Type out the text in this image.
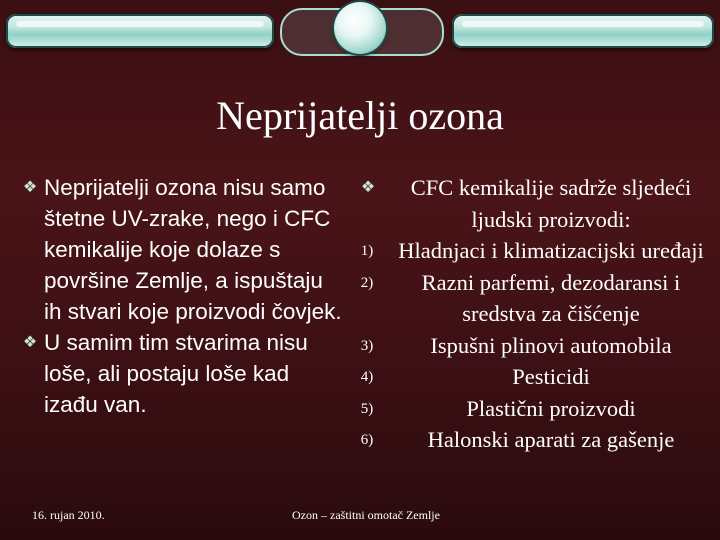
Neprijatelji ozona
❖ Neprijatelji ozona nisu samo štetne UV-zrake, nego i CFC kemikalije koje dolaze s površine Zemlje, a ispuštaju ih stvari koje proizvodi čovjek.
❖ U samim tim stvarima nisu loše, ali postaju loše kad izađu van.
❖	CFC kemikalije sadrže sljedeći ljudski proizvodi:
1)	Hladnjaci i klimatizacijski uređaji
2)	Razni parfemi, dezodaransi i sredstva za čišćenje
3)	Ispušni plinovi automobila
4)	Pesticidi
5)	Plastični proizvodi
6)	Halonski aparati za gašenje
16. rujan 2010.	Ozon – zaštitni omotač Zemlje
